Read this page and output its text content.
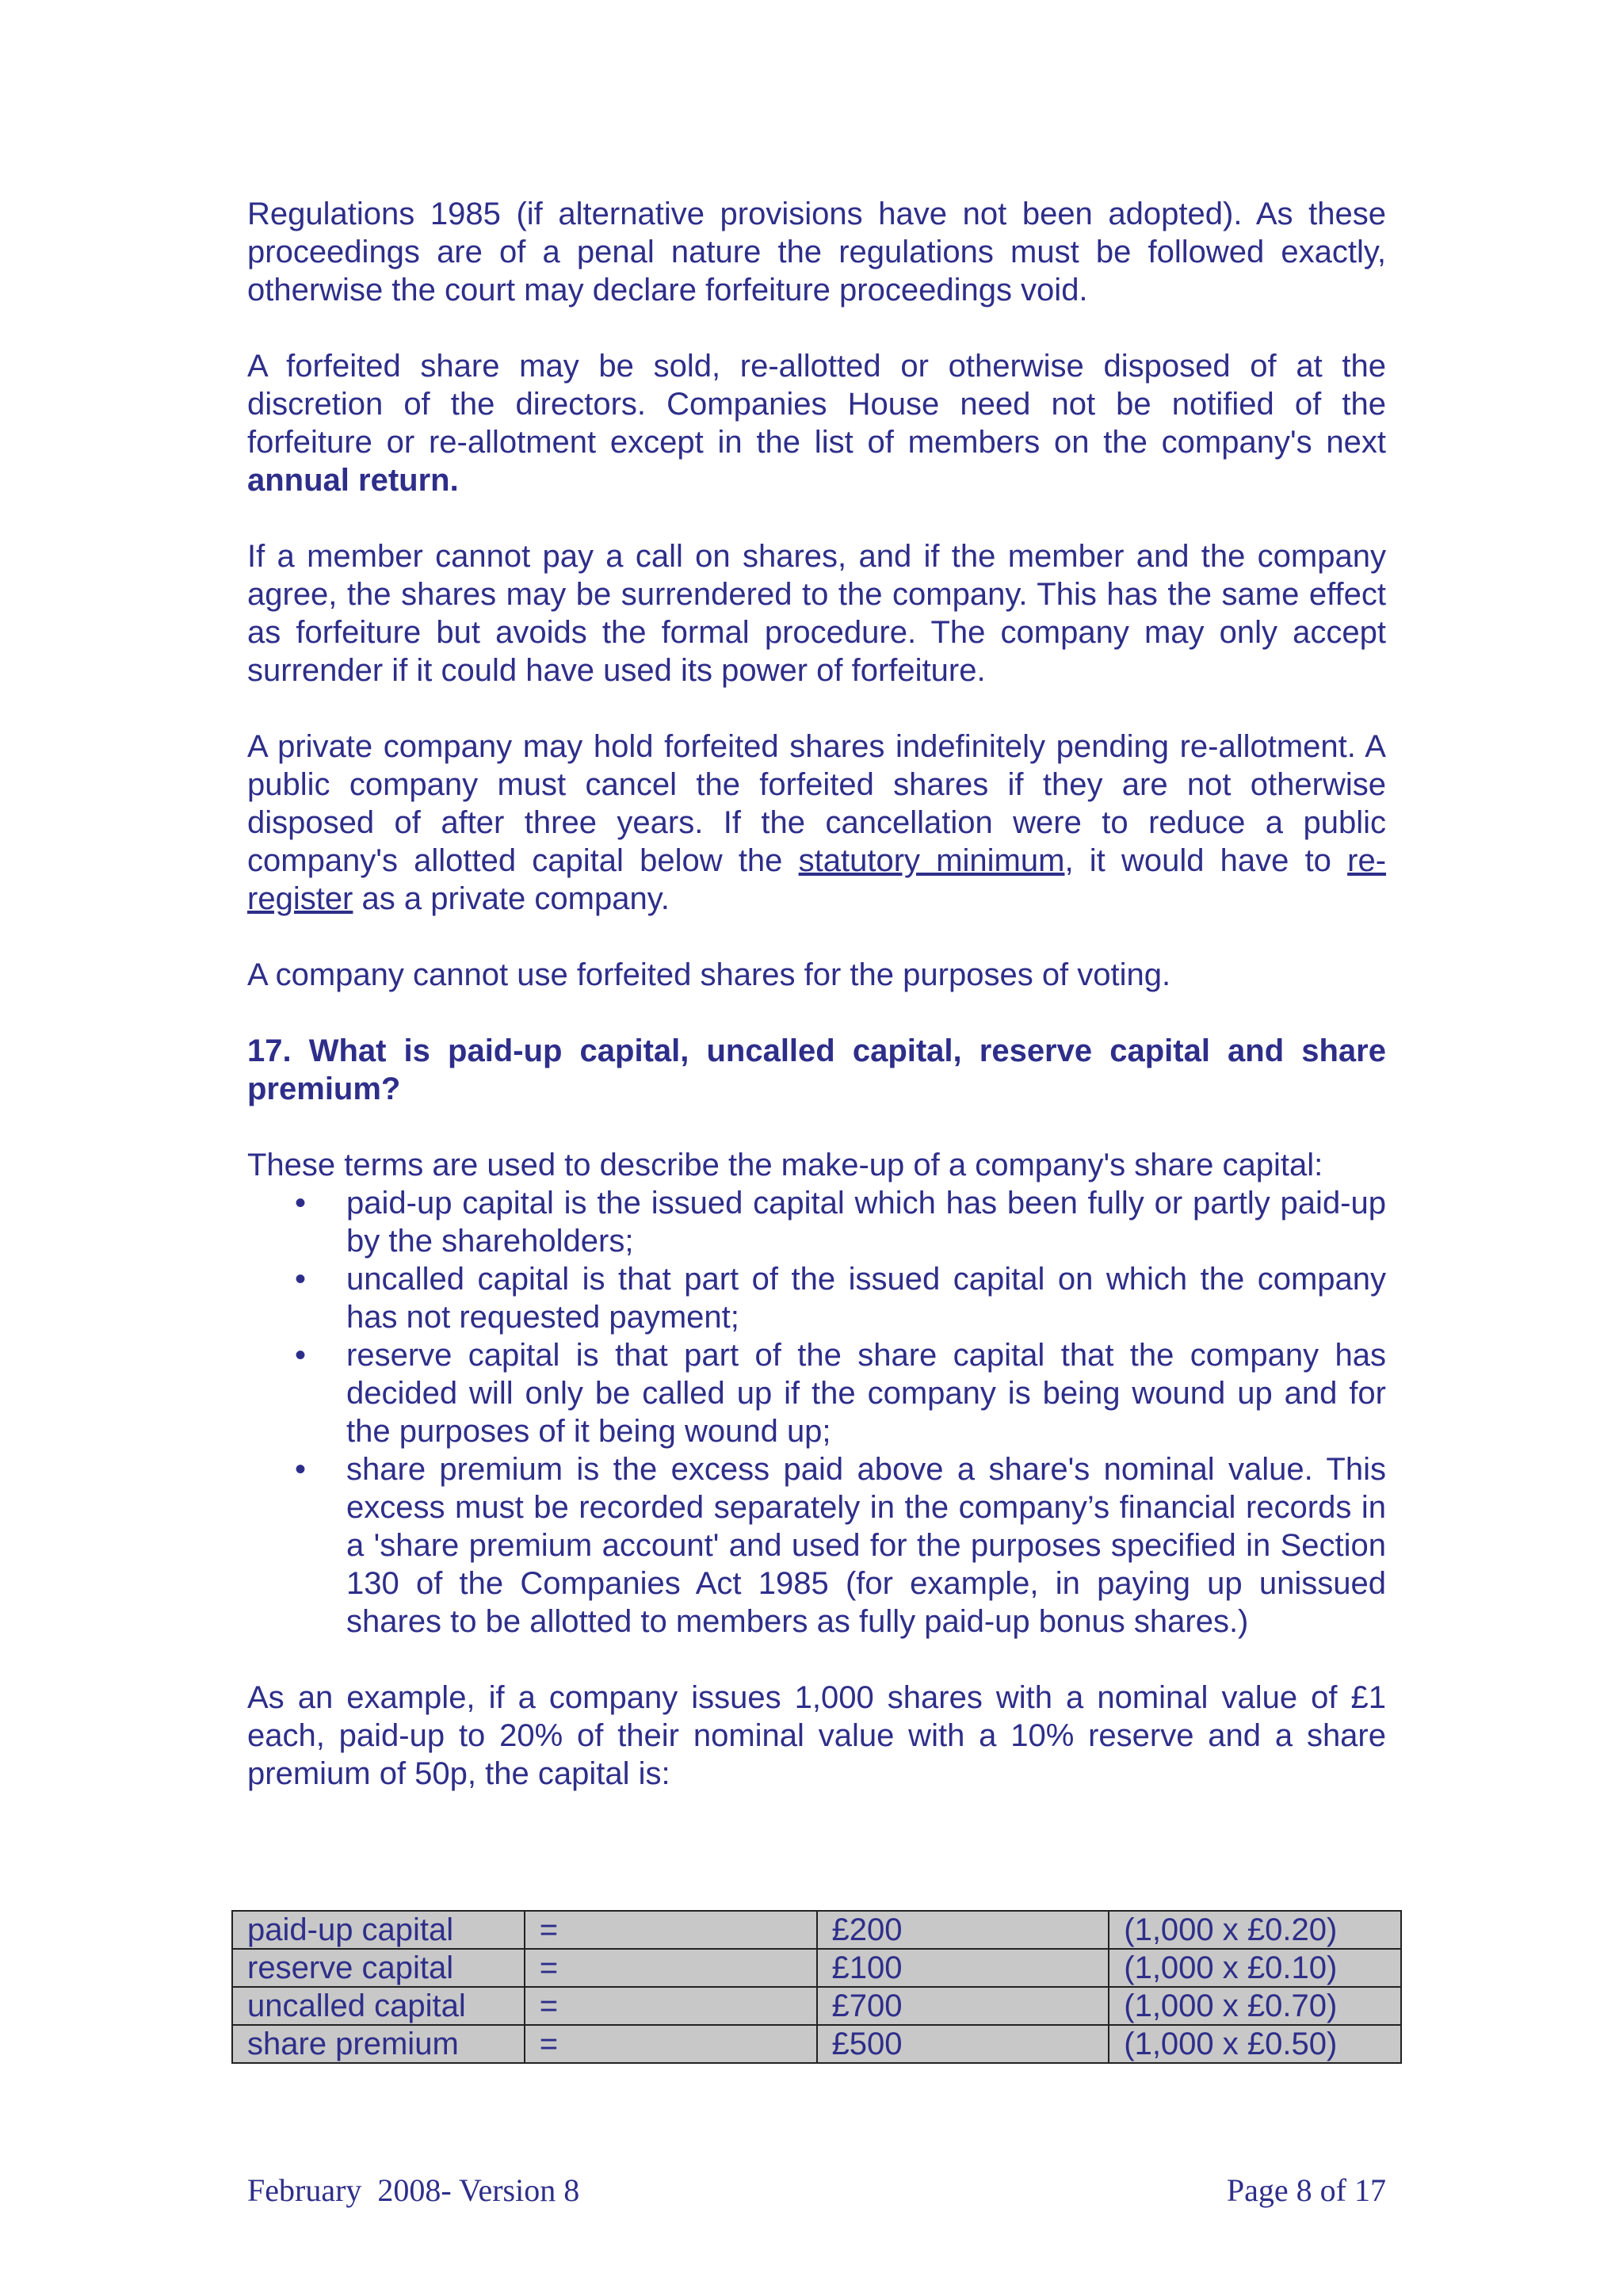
Regulations 1985 (if alternative provisions have not been adopted). As these proceedings are of a penal nature the regulations must be followed exactly, otherwise the court may declare forfeiture proceedings void.

A forfeited share may be sold, re-allotted or otherwise disposed of at the discretion of the directors. Companies House need not be notified of the forfeiture or re-allotment except in the list of members on the company's next annual return.

If a member cannot pay a call on shares, and if the member and the company agree, the shares may be surrendered to the company. This has the same effect as forfeiture but avoids the formal procedure. The company may only accept surrender if it could have used its power of forfeiture.

A private company may hold forfeited shares indefinitely pending re-allotment. A public company must cancel the forfeited shares if they are not otherwise disposed of after three years. If the cancellation were to reduce a public company's allotted capital below the statutory minimum, it would have to re-register as a private company.

A company cannot use forfeited shares for the purposes of voting.

17. What is paid-up capital, uncalled capital, reserve capital and share premium?

These terms are used to describe the make-up of a company's share capital:

• paid-up capital is the issued capital which has been fully or partly paid-up by the shareholders;
• uncalled capital is that part of the issued capital on which the company has not requested payment;
• reserve capital is that part of the share capital that the company has decided will only be called up if the company is being wound up and for the purposes of it being wound up;
• share premium is the excess paid above a share's nominal value. This excess must be recorded separately in the company’s financial records in a 'share premium account' and used for the purposes specified in Section 130 of the Companies Act 1985 (for example, in paying up unissued shares to be allotted to members as fully paid-up bonus shares.)

As an example, if a company issues 1,000 shares with a nominal value of £1 each, paid-up to 20% of their nominal value with a 10% reserve and a share premium of 50p, the capital is:

paid-up capital	=	£200	(1,000 x £0.20)
reserve capital	=	£100	(1,000 x £0.10)
uncalled capital	=	£700	(1,000 x £0.70)
share premium	=	£500	(1,000 x £0.50)
February  2008- Version 8	Page 8 of 17
